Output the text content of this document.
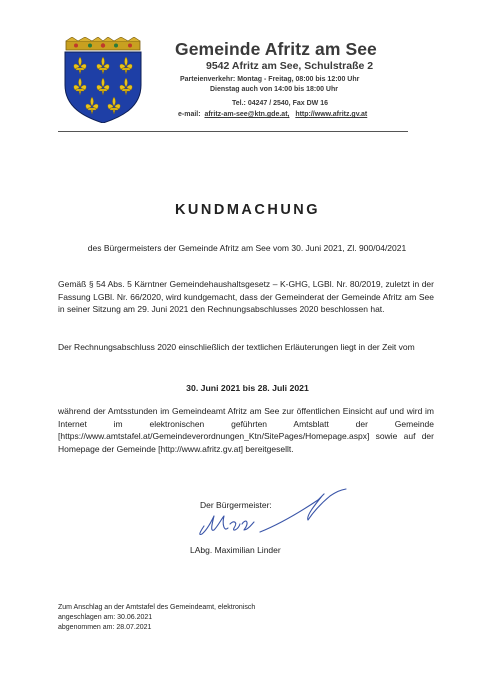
Gemeinde Afritz am See
9542 Afritz am See, Schulstraße 2
Parteienverkehr: Montag - Freitag, 08:00 bis 12:00 Uhr
Dienstag auch von 14:00 bis 18:00 Uhr
Tel.: 04247 / 2540, Fax DW 16
e-mail: afritz-am-see@ktn.gde.at, http://www.afritz.gv.at
KUNDMACHUNG
des Bürgermeisters der Gemeinde Afritz am See vom 30. Juni 2021, Zl. 900/04/2021
Gemäß § 54 Abs. 5 Kärntner Gemeindehaushaltsgesetz – K-GHG, LGBl. Nr. 80/2019, zuletzt in der Fassung LGBl. Nr. 66/2020, wird kundgemacht, dass der Gemeinderat der Gemeinde Afritz am See in seiner Sitzung am 29. Juni 2021 den Rechnungsabschlusses 2020 beschlossen hat.
Der Rechnungsabschluss 2020 einschließlich der textlichen Erläuterungen liegt in der Zeit vom
30. Juni 2021 bis 28. Juli 2021
während der Amtsstunden im Gemeindeamt Afritz am See zur öffentlichen Einsicht auf und wird im Internet im elektronischen geführten Amtsblatt der Gemeinde [https://www.amtstafel.at/Gemeindeverordnungen_Ktn/SitePages/Homepage.aspx] sowie auf der Homepage der Gemeinde [http://www.afritz.gv.at] bereitgesellt.
Der Bürgermeister:
LAbg. Maximilian Linder
Zum Anschlag an der Amtstafel des Gemeindeamt, elektronisch
angeschlagen am: 30.06.2021
abgenommen am: 28.07.2021
